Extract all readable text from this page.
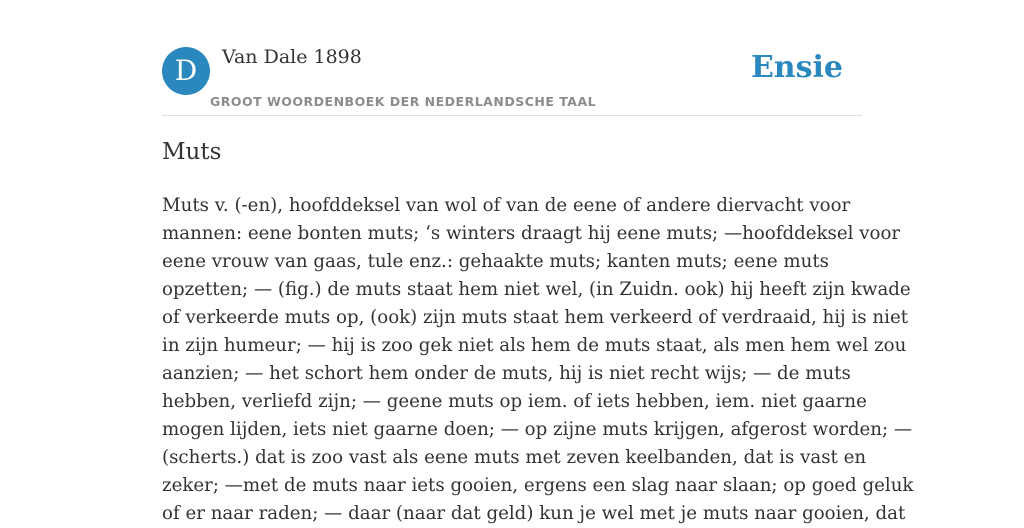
D	Van Dale 1898
GROOT WOORDENBOEK DER NEDERLANDSCHE TAAL
Ensie
Muts

Muts v. (-en), hoofddeksel van wol of van de eene of andere diervacht voor
mannen: eene bonten muts; ‘s winters draagt hij eene muts; —hoofddeksel voor
eene vrouw van gaas, tule enz.: gehaakte muts; kanten muts; eene muts
opzetten; — (fig.) de muts staat hem niet wel, (in Zuidn. ook) hij heeft zijn kwade
of verkeerde muts op, (ook) zijn muts staat hem verkeerd of verdraaid, hij is niet
in zijn humeur; — hij is zoo gek niet als hem de muts staat, als men hem wel zou
aanzien; — het schort hem onder de muts, hij is niet recht wijs; — de muts
hebben, verliefd zijn; — geene muts op iem. of iets hebben, iem. niet gaarne
mogen lijden, iets niet gaarne doen; — op zijne muts krijgen, afgerost worden; —
(scherts.) dat is zoo vast als eene muts met zeven keelbanden, dat is vast en
zeker; —met de muts naar iets gooien, ergens een slag naar slaan; op goed geluk
of er naar raden; — daar (naar dat geld) kun je wel met je muts naar gooien, dat
